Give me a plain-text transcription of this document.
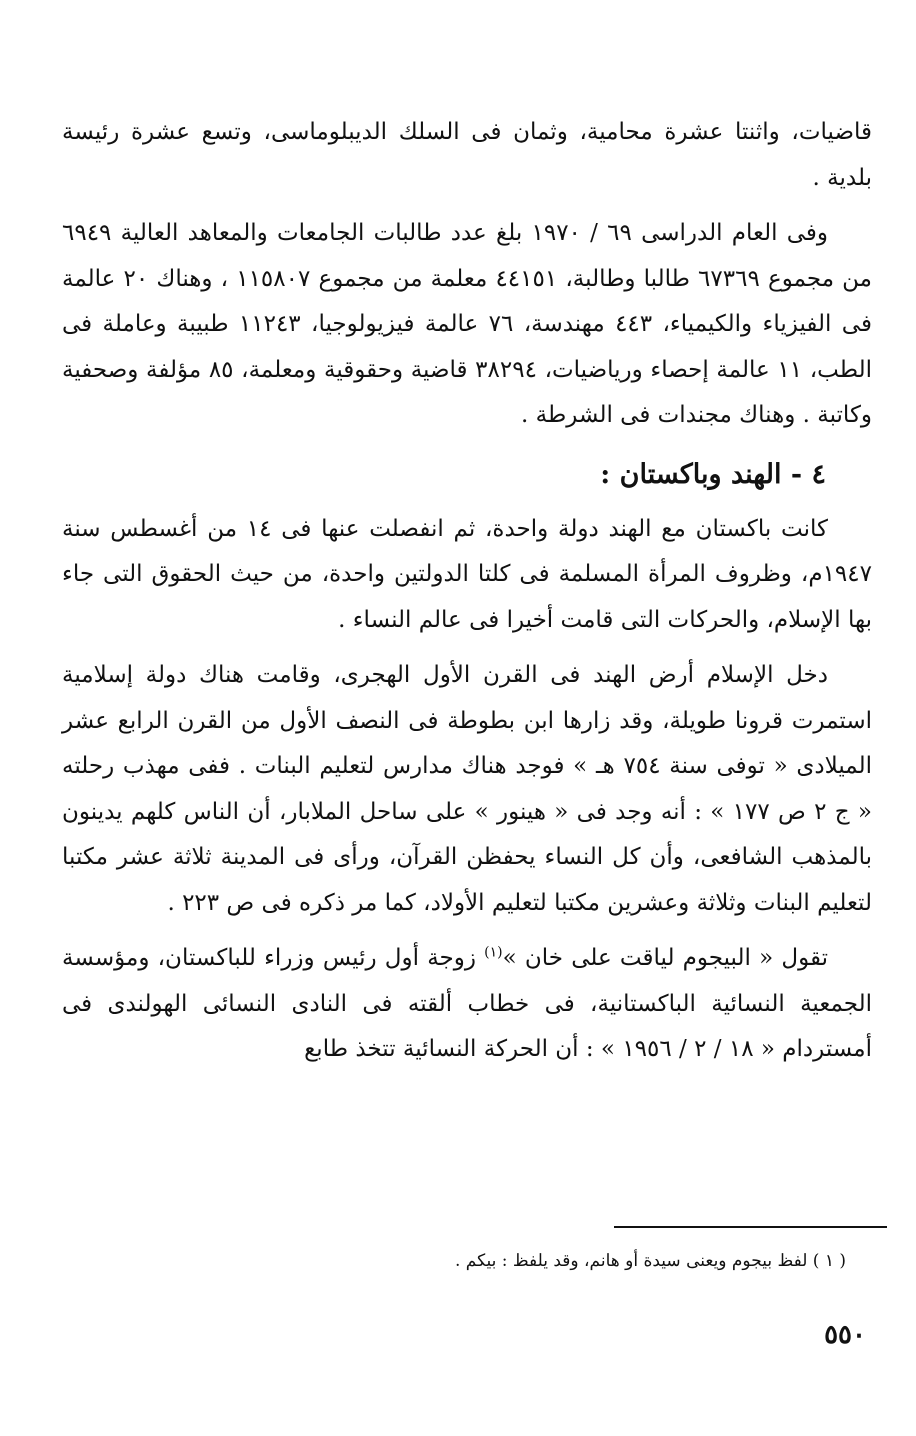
قاضيات، واثنتا عشرة محامية، وثمان فى السلك الديبلوماسى، وتسع عشرة رئيسة بلدية .

وفى العام الدراسى ٦٩ / ١٩٧٠ بلغ عدد طالبات الجامعات والمعاهد العالية ٦٩٤٩ من مجموع ٦٧٣٦٩ طالبا وطالبة، ٤٤١٥١ معلمة من مجموع ١١٥٨٠٧ ، وهناك ٢٠ عالمة فى الفيزياء والكيمياء، ٤٤٣ مهندسة، ٧٦ عالمة فيزيولوجيا، ١١٢٤٣ طبيبة وعاملة فى الطب، ١١ عالمة إحصاء ورياضيات، ٣٨٢٩٤ قاضية وحقوقية ومعلمة، ٨٥ مؤلفة وصحفية وكاتبة . وهناك مجندات فى الشرطة .

٤ - الهند وباكستان :

كانت باكستان مع الهند دولة واحدة، ثم انفصلت عنها فى ١٤ من أغسطس سنة ١٩٤٧م، وظروف المرأة المسلمة فى كلتا الدولتين واحدة، من حيث الحقوق التى جاء بها الإسلام، والحركات التى قامت أخيرا فى عالم النساء .

دخل الإسلام أرض الهند فى القرن الأول الهجرى، وقامت هناك دولة إسلامية استمرت قرونا طويلة، وقد زارها ابن بطوطة فى النصف الأول من القرن الرابع عشر الميلادى « توفى سنة ٧٥٤ هـ » فوجد هناك مدارس لتعليم البنات . ففى مهذب رحلته « ج ٢ ص ١٧٧ » : أنه وجد فى « هينور » على ساحل الملابار، أن الناس كلهم يدينون بالمذهب الشافعى، وأن كل النساء يحفظن القرآن، ورأى فى المدينة ثلاثة عشر مكتبا لتعليم البنات وثلاثة وعشرين مكتبا لتعليم الأولاد، كما مر ذكره فى ص ٢٢٣ .

تقول « البيجوم لياقت على خان »$^{(١)}$ زوجة أول رئيس وزراء للباكستان، ومؤسسة الجمعية النسائية الباكستانية، فى خطاب ألقته فى النادى النسائى الهولندى فى أمستردام « ١٨ / ٢ / ١٩٥٦ » : أن الحركة النسائية تتخذ طابع

( ١ ) لفظ بيجوم ويعنى سيدة أو هانم، وقد يلفظ : بيكم .
٥٥٠
